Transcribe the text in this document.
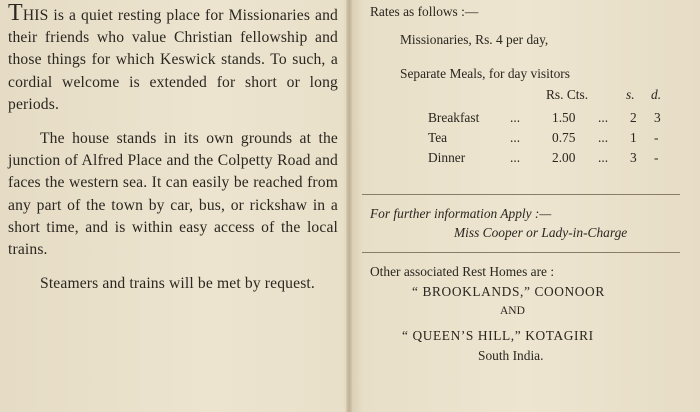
THIS is a quiet resting place for Missionaries and their friends who value Christian fellowship and those things for which Keswick stands. To such, a cordial welcome is extended for short or long periods.

The house stands in its own grounds at the junction of Alfred Place and the Colpetty Road and faces the western sea. It can easily be reached from any part of the town by car, bus, or rickshaw in a short time, and is within easy access of the local trains.

Steamers and trains will be met by request.

Rates as follows :—
Missionaries, Rs. 4 per day,
Separate Meals, for day visitors
Rs. Cts.	s. d.
Breakfast ... 1.50 ... 2 3
Tea	... 0.75 ... 1 -
Dinner	... 2.00 ... 3 -
For further information Apply :—
Miss Cooper or Lady-in-Charge
Other associated Rest Homes are :
“ BROOKLANDS,” COONOOR
AND
“ QUEEN’S HILL,” KOTAGIRI
South India.
